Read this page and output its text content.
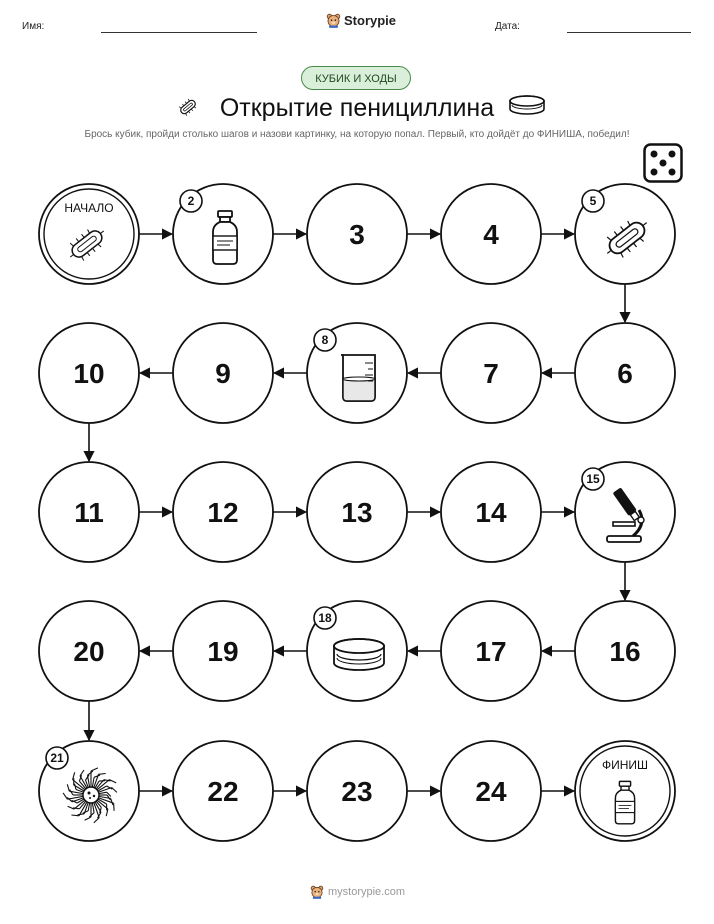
Имя:	Storypie	Дата:
КУБИК И ХОДЫ
Открытие пенициллина
Брось кубик, пройди столько шагов и назови картинку, на которую попал. Первый, кто дойдёт до ФИНИША, победил!
НАЧАЛО	2
3	4
5
6
7
8
9
10
11	12	13	14
15
16
17
18
19
20
21
22	23	24
ФИНИШ
mystorypie.com
